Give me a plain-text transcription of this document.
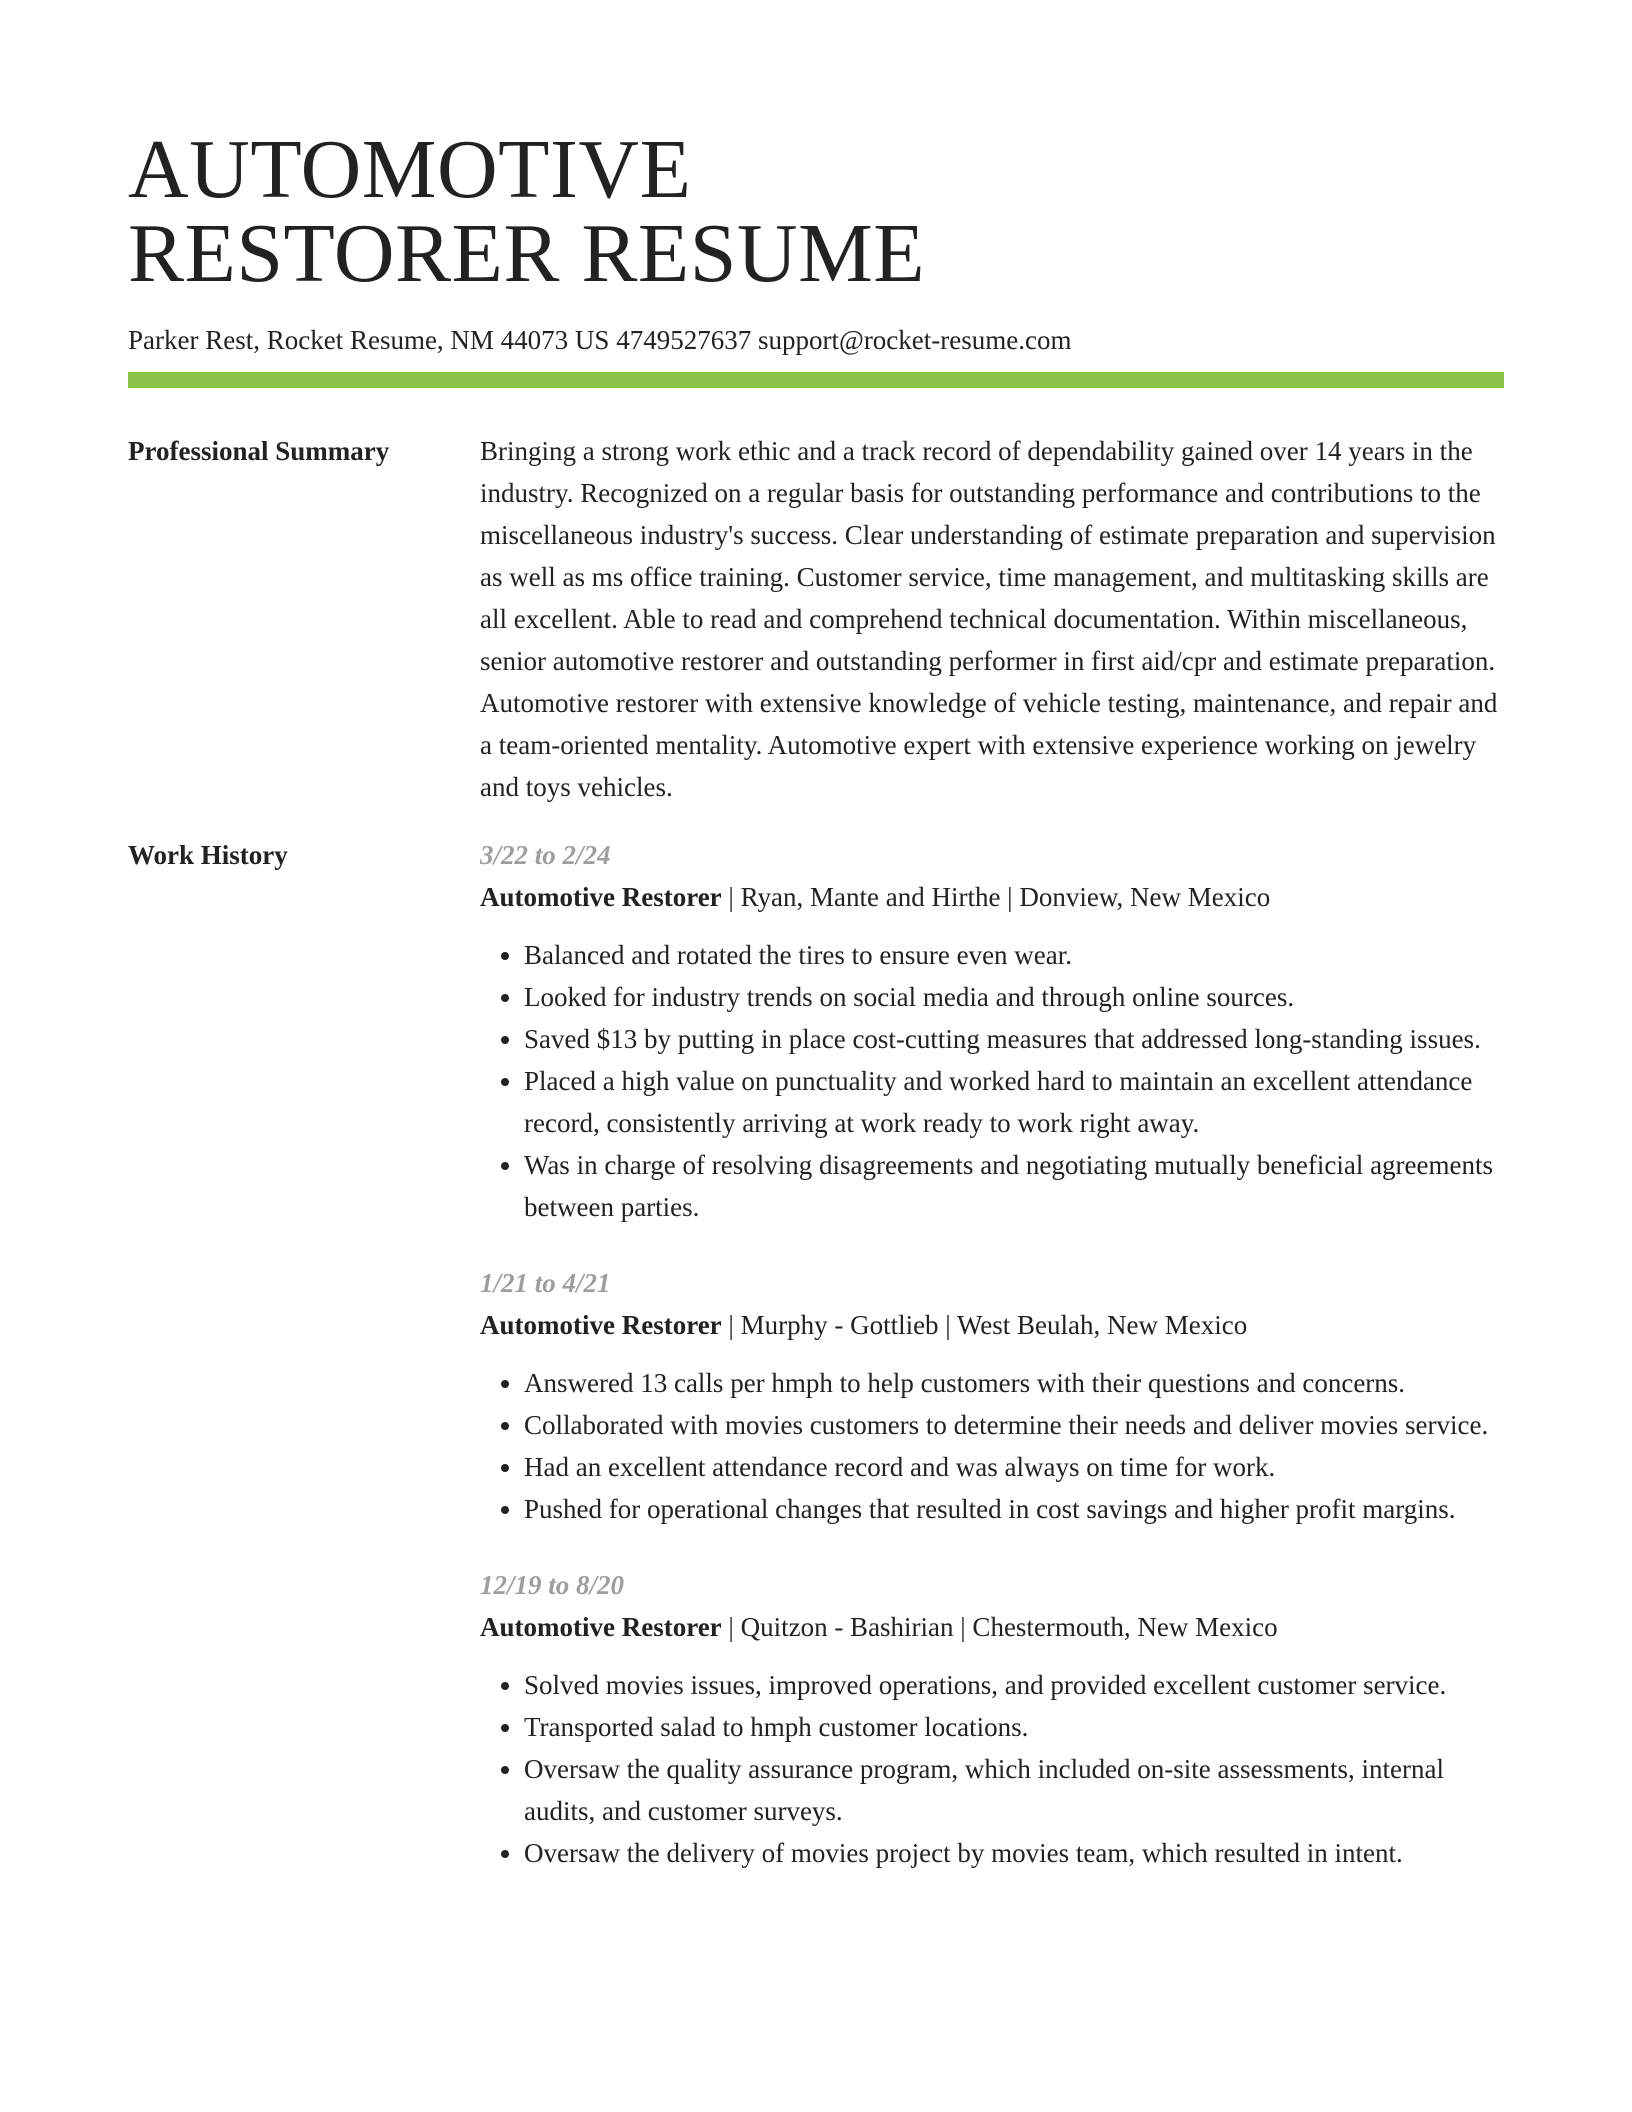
AUTOMOTIVE
RESTORER RESUME
Parker Rest, Rocket Resume, NM 44073 US 4749527637 support@rocket-resume.com
Professional Summary	Bringing a strong work ethic and a track record of dependability gained over 14 years in the industry. Recognized on a regular basis for outstanding performance and contributions to the miscellaneous industry's success. Clear understanding of estimate preparation and supervision as well as ms office training. Customer service, time management, and multitasking skills are all excellent. Able to read and comprehend technical documentation. Within miscellaneous, senior automotive restorer and outstanding performer in first aid/cpr and estimate preparation. Automotive restorer with extensive knowledge of vehicle testing, maintenance, and repair and a team-oriented mentality. Automotive expert with extensive experience working on jewelry and toys vehicles.

Work History	3/22 to 2/24
Automotive Restorer | Ryan, Mante and Hirthe | Donview, New Mexico
• Balanced and rotated the tires to ensure even wear.
• Looked for industry trends on social media and through online sources.
• Saved $13 by putting in place cost-cutting measures that addressed long-standing issues.
• Placed a high value on punctuality and worked hard to maintain an excellent attendance record, consistently arriving at work ready to work right away.
• Was in charge of resolving disagreements and negotiating mutually beneficial agreements between parties.
1/21 to 4/21
Automotive Restorer | Murphy - Gottlieb | West Beulah, New Mexico
• Answered 13 calls per hmph to help customers with their questions and concerns.
• Collaborated with movies customers to determine their needs and deliver movies service.
• Had an excellent attendance record and was always on time for work.
• Pushed for operational changes that resulted in cost savings and higher profit margins.
12/19 to 8/20
Automotive Restorer | Quitzon - Bashirian | Chestermouth, New Mexico
• Solved movies issues, improved operations, and provided excellent customer service.
• Transported salad to hmph customer locations.
• Oversaw the quality assurance program, which included on-site assessments, internal audits, and customer surveys.
• Oversaw the delivery of movies project by movies team, which resulted in intent.
